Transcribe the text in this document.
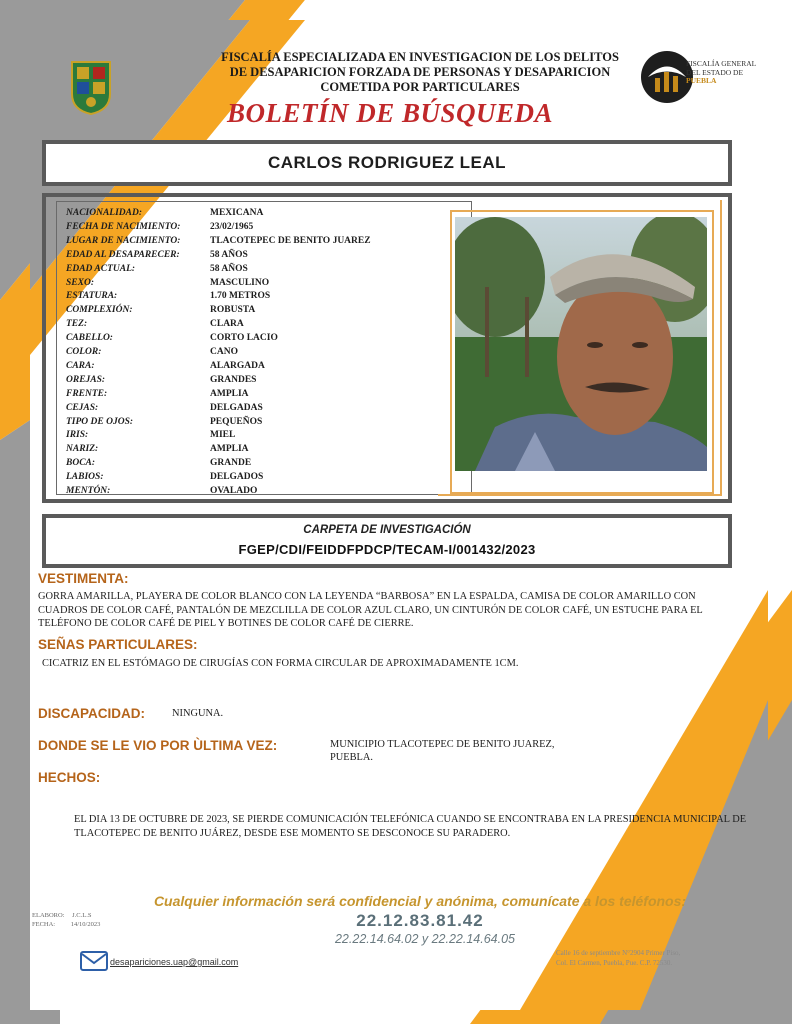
FISCALÍA GENERAL
DEL ESTADO DE
PUEBLA
FISCALÍA ESPECIALIZADA EN INVESTIGACION DE LOS DELITOS
DE DESAPARICION FORZADA DE PERSONAS Y DESAPARICION
COMETIDA POR PARTICULARES
BOLETÍN DE BÚSQUEDA
CARLOS RODRIGUEZ LEAL
NACIONALIDAD:	MEXICANA
FECHA DE NACIMIENTO:	23/02/1965
LUGAR DE NACIMIENTO:	TLACOTEPEC DE BENITO JUAREZ
EDAD AL DESAPARECER:	58 AÑOS
EDAD ACTUAL:	58 AÑOS
SEXO:	MASCULINO
ESTATURA:	1.70 METROS
COMPLEXIÓN:	ROBUSTA
TEZ:	CLARA
CABELLO:	CORTO LACIO
COLOR:	CANO
CARA:	ALARGADA
OREJAS:	GRANDES
FRENTE:	AMPLIA
CEJAS:	DELGADAS
TIPO DE OJOS:	PEQUEÑOS
IRIS:	MIEL
NARIZ:	AMPLIA
BOCA:	GRANDE
LABIOS:	DELGADOS
MENTÓN:	OVALADO
CARPETA DE INVESTIGACIÓN
FGEP/CDI/FEIDDFPDCP/TECAM-I/001432/2023
VESTIMENTA:
GORRA AMARILLA, PLAYERA DE COLOR BLANCO CON LA LEYENDA “BARBOSA” EN LA ESPALDA, CAMISA DE COLOR AMARILLO CON CUADROS DE COLOR CAFÉ, PANTALÓN DE MEZCLILLA DE COLOR AZUL CLARO, UN CINTURÓN DE COLOR CAFÉ, UN ESTUCHE PARA EL TELÉFONO DE COLOR CAFÉ DE PIEL Y BOTINES DE COLOR CAFÉ DE CIERRE.
SEÑAS PARTICULARES:
CICATRIZ EN EL ESTÓMAGO DE CIRUGÍAS CON FORMA CIRCULAR DE APROXIMADAMENTE 1CM.
DISCAPACIDAD:	NINGUNA.
DONDE SE LE VIO POR ÙLTIMA VEZ:	MUNICIPIO TLACOTEPEC DE BENITO JUAREZ,
PUEBLA.
HECHOS:
EL DIA 13 DE OCTUBRE DE 2023, SE PIERDE COMUNICACIÓN TELEFÓNICA CUANDO SE ENCONTRABA EN LA PRESIDENCIA MUNICIPAL DE TLACOTEPEC DE BENITO JUÁREZ, DESDE ESE MOMENTO SE DESCONOCE SU PARADERO.
Cualquier información será confidencial y anónima, comunícate a los teléfonos:
22.12.83.81.42
22.22.14.64.02 y 22.22.14.64.05
ELABORO: J.C.L.S
FECHA: 14/10/2023
desapariciones.uap@gmail.com
Calle 16 de septiembre N°2904 Primer Piso,
Col. El Carmen, Puebla, Pue. C.P. 72530.
